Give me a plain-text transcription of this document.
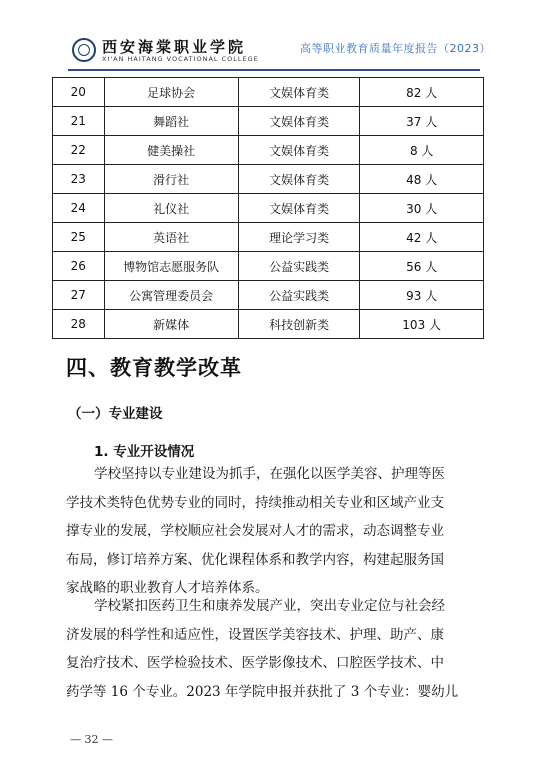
西安海棠职业学院
XI'AN HAITANG VOCATIONAL COLLEGE
高等职业教育质量年度报告（2023）
20	足球协会	文娱体育类	82 人
21	舞蹈社	文娱体育类	37 人
22	健美操社	文娱体育类	8 人
23	滑行社	文娱体育类	48 人
24	礼仪社	文娱体育类	30 人
25	英语社	理论学习类	42 人
26	博物馆志愿服务队	公益实践类	56 人
27	公寓管理委员会	公益实践类	93 人
28	新媒体	科技创新类	103 人
四、教育教学改革
（一）专业建设
1. 专业开设情况
学校坚持以专业建设为抓手，在强化以医学美容、护理等医
学技术类特色优势专业的同时，持续推动相关专业和区域产业支
撑专业的发展，学校顺应社会发展对人才的需求，动态调整专业
布局，修订培养方案、优化课程体系和教学内容，构建起服务国
家战略的职业教育人才培养体系。
学校紧扣医药卫生和康养发展产业，突出专业定位与社会经
济发展的科学性和适应性，设置医学美容技术、护理、助产、康
复治疗技术、医学检验技术、医学影像技术、口腔医学技术、中
药学等 16 个专业。2023 年学院申报并获批了 3 个专业：婴幼儿
— 32 —
